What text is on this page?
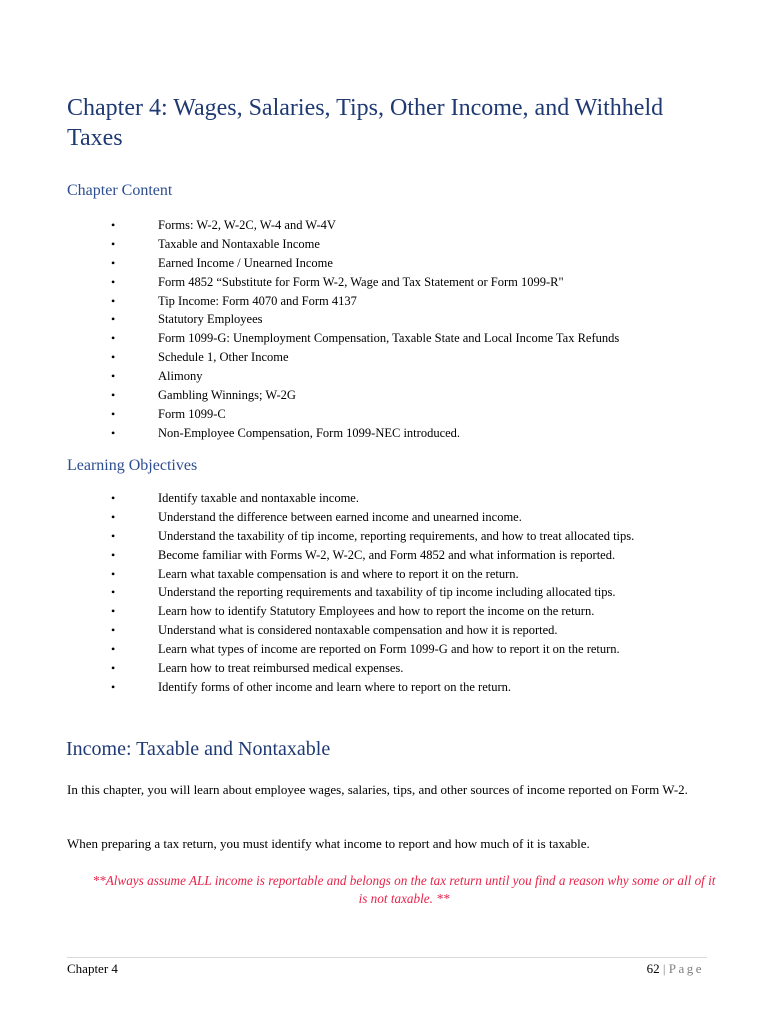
Chapter 4: Wages, Salaries, Tips, Other Income, and Withheld Taxes
Chapter Content
•	Forms: W-2, W-2C, W-4 and W-4V
•	Taxable and Nontaxable Income
•	Earned Income / Unearned Income
•	Form 4852 “Substitute for Form W-2, Wage and Tax Statement or Form 1099-R"
•	Tip Income: Form 4070 and Form 4137
•	Statutory Employees
•	Form 1099-G: Unemployment Compensation, Taxable State and Local Income Tax Refunds
•	Schedule 1, Other Income
•	Alimony
•	Gambling Winnings; W-2G
•	Form 1099-C
•	Non-Employee Compensation, Form 1099-NEC introduced.
Learning Objectives
•	Identify taxable and nontaxable income.
•	Understand the difference between earned income and unearned income.
•	Understand the taxability of tip income, reporting requirements, and how to treat allocated tips.
•	Become familiar with Forms W-2, W-2C, and Form 4852 and what information is reported.
•	Learn what taxable compensation is and where to report it on the return.
•	Understand the reporting requirements and taxability of tip income including allocated tips.
•	Learn how to identify Statutory Employees and how to report the income on the return.
•	Understand what is considered nontaxable compensation and how it is reported.
•	Learn what types of income are reported on Form 1099-G and how to report it on the return.
•	Learn how to treat reimbursed medical expenses.
•	Identify forms of other income and learn where to report on the return.
Income: Taxable and Nontaxable

In this chapter, you will learn about employee wages, salaries, tips, and other sources of income reported on Form W-2.

When preparing a tax return, you must identify what income to report and how much of it is taxable.

**Always assume ALL income is reportable and belongs on the tax return until you find a reason why some or all of it is not taxable. **

Chapter 4	62 | Page
